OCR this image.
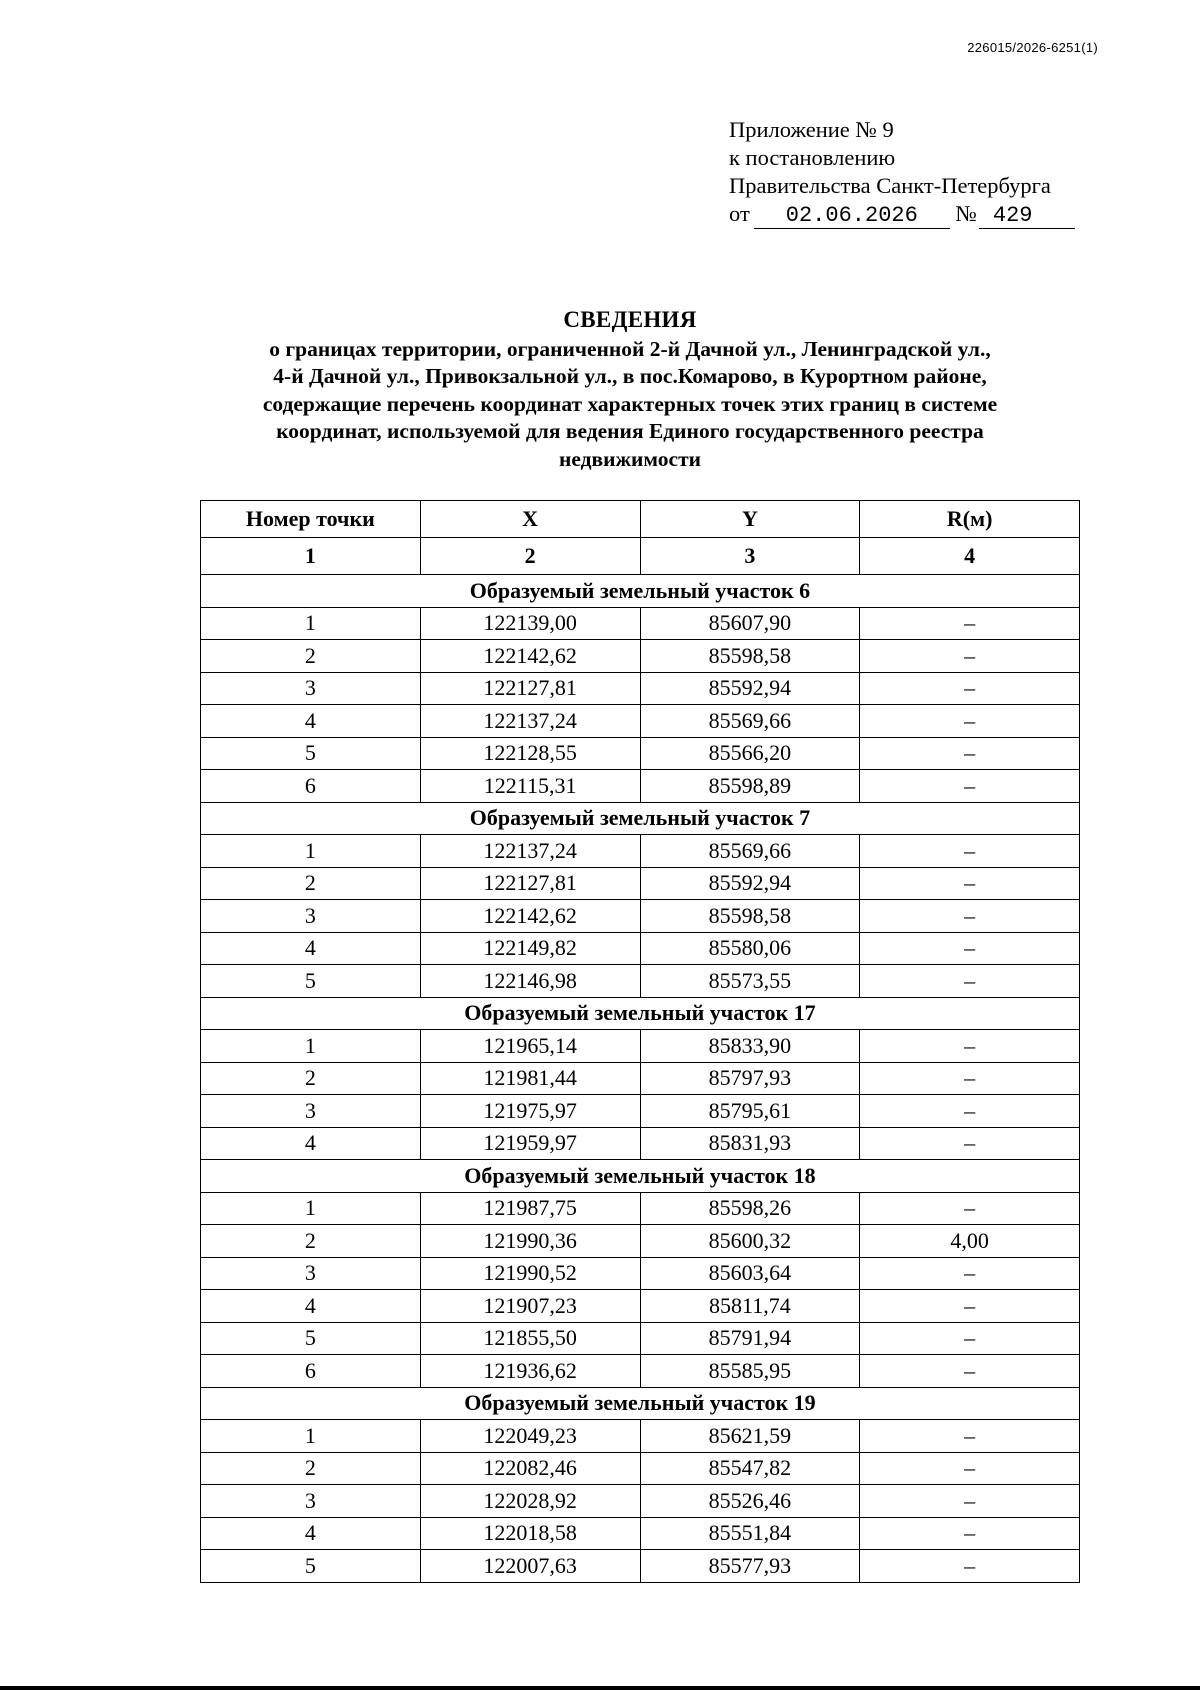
226015/2026-6251(1)
Приложение № 9
к постановлению
Правительства Санкт-Петербурга
от 02.06.2026 № 429
СВЕДЕНИЯ
о границах территории, ограниченной 2-й Дачной ул., Ленинградской ул.,
4-й Дачной ул., Привокзальной ул., в пос.Комарово, в Курортном районе,
содержащие перечень координат характерных точек этих границ в системе
координат, используемой для ведения Единого государственного реестра
недвижимости
Номер точки	X	Y	R(м)
1	2	3	4
Образуемый земельный участок 6			
1	122139,00	85607,90	–
2	122142,62	85598,58	–
3	122127,81	85592,94	–
4	122137,24	85569,66	–
5	122128,55	85566,20	–
6	122115,31	85598,89	–
Образуемый земельный участок 7			
1	122137,24	85569,66	–
2	122127,81	85592,94	–
3	122142,62	85598,58	–
4	122149,82	85580,06	–
5	122146,98	85573,55	–
Образуемый земельный участок 17			
1	121965,14	85833,90	–
2	121981,44	85797,93	–
3	121975,97	85795,61	–
4	121959,97	85831,93	–
Образуемый земельный участок 18			
1	121987,75	85598,26	–
2	121990,36	85600,32	4,00
3	121990,52	85603,64	–
4	121907,23	85811,74	–
5	121855,50	85791,94	–
6	121936,62	85585,95	–
Образуемый земельный участок 19			
1	122049,23	85621,59	–
2	122082,46	85547,82	–
3	122028,92	85526,46	–
4	122018,58	85551,84	–
5	122007,63	85577,93	–
